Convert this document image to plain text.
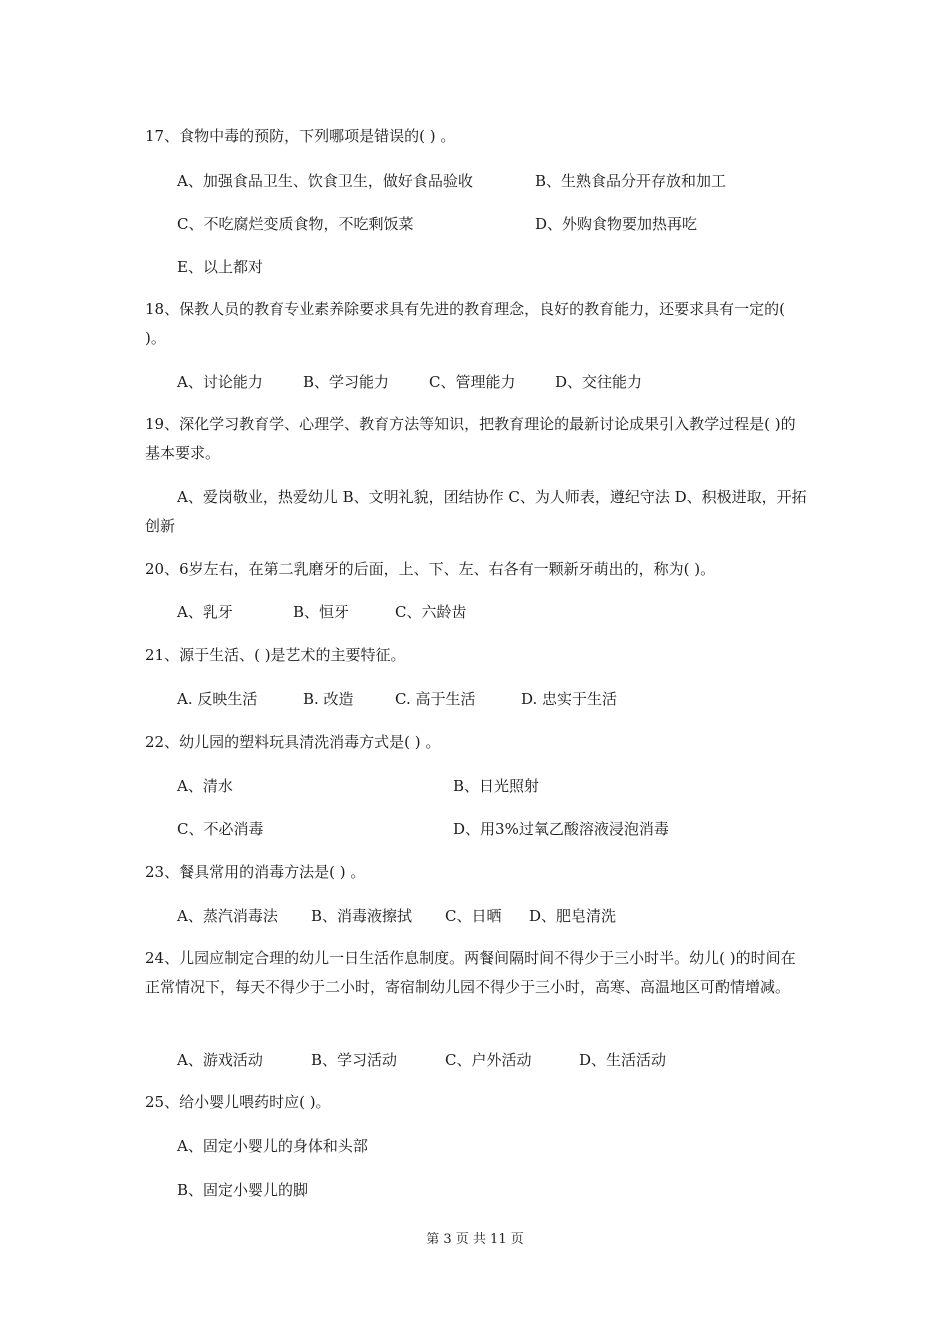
17、食物中毒的预防，下列哪项是错误的( ) 。
A、加强食品卫生、饮食卫生，做好食品验收	B、生熟食品分开存放和加工
C、不吃腐烂变质食物，不吃剩饭菜	D、外购食物要加热再吃
E、以上都对
18、保教人员的教育专业素养除要求具有先进的教育理念，良好的教育能力，还要求具有一定的( )。
A、讨论能力	B、学习能力	C、管理能力	D、交往能力
19、深化学习教育学、心理学、教育方法等知识，把教育理论的最新讨论成果引入教学过程是( )的基本要求。
A、爱岗敬业，热爱幼儿 B、文明礼貌，团结协作 C、为人师表，遵纪守法 D、积极进取，开拓创新
20、6岁左右，在第二乳磨牙的后面，上、下、左、右各有一颗新牙萌出的，称为( )。
A、乳牙	B、恒牙	C、六龄齿
21、源于生活、( )是艺术的主要特征。
A. 反映生活	B. 改造	C. 高于生活	D. 忠实于生活
22、幼儿园的塑料玩具清洗消毒方式是( ) 。
A、清水	B、日光照射
C、不必消毒	D、用3%过氧乙酸溶液浸泡消毒
23、餐具常用的消毒方法是( ) 。
A、蒸汽消毒法 B、消毒液擦拭 C、日晒 D、肥皂清洗
24、儿园应制定合理的幼儿一日生活作息制度。两餐间隔时间不得少于三小时半。幼儿( )的时间在正常情况下，每天不得少于二小时，寄宿制幼儿园不得少于三小时，高寒、高温地区可酌情增减。
A、游戏活动	B、学习活动	C、户外活动	D、生活活动
25、给小婴儿喂药时应( )。
A、固定小婴儿的身体和头部
B、固定小婴儿的脚
第 3 页 共 11 页
